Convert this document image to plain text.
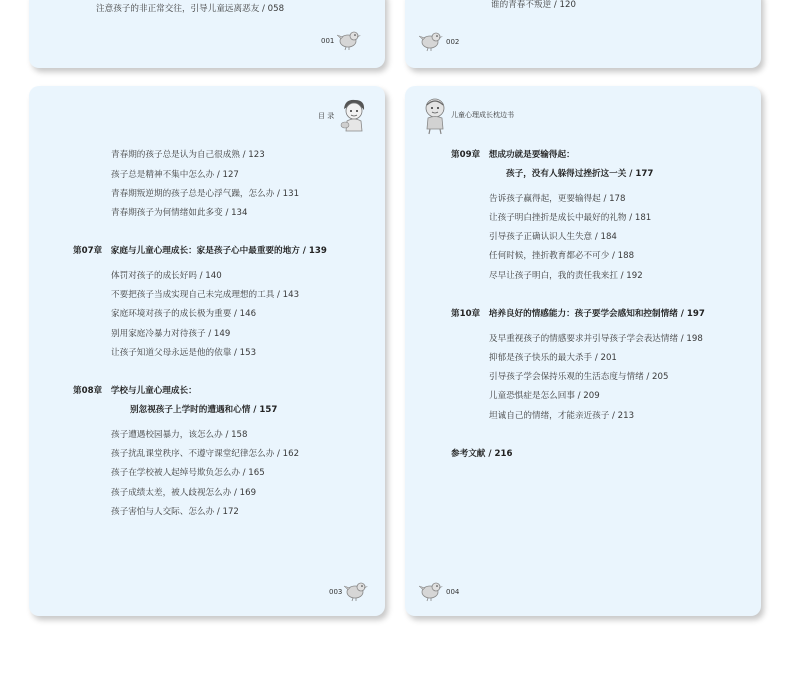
注意孩子的非正常交往，引导儿童远离恶友 / 058
001
谁的青春不叛逆 / 120
002
目 录
青春期的孩子总是认为自己很成熟 / 123
孩子总是精神不集中怎么办 / 127
青春期叛逆期的孩子总是心浮气躁，怎么办 / 131
青春期孩子为何情绪如此多变 / 134
第07章　家庭与儿童心理成长：家是孩子心中最重要的地方 / 139
体罚对孩子的成长好吗 / 140
不要把孩子当成实现自己未完成理想的工具 / 143
家庭环境对孩子的成长极为重要 / 146
别用家庭冷暴力对待孩子 / 149
让孩子知道父母永远是他的依靠 / 153
第08章　学校与儿童心理成长：
别忽视孩子上学时的遭遇和心情 / 157
孩子遭遇校园暴力，该怎么办 / 158
孩子扰乱课堂秩序、不遵守课堂纪律怎么办 / 162
孩子在学校被人起绰号欺负怎么办 / 165
孩子成绩太差，被人歧视怎么办 / 169
孩子害怕与人交际、怎么办 / 172
003
儿童心理成长枕边书
第09章　想成功就是要输得起：
孩子，没有人躲得过挫折这一关 / 177
告诉孩子赢得起，更要输得起 / 178
让孩子明白挫折是成长中最好的礼物 / 181
引导孩子正确认识人生失意 / 184
任何时候，挫折教育都必不可少 / 188
尽早让孩子明白，我的责任我来扛 / 192
第10章　培养良好的情感能力：孩子要学会感知和控制情绪 / 197
及早重视孩子的情感要求并引导孩子学会表达情绪 / 198
抑郁是孩子快乐的最大杀手 / 201
引导孩子学会保持乐观的生活态度与情绪 / 205
儿童恐惧症是怎么回事 / 209
坦诚自己的情绪，才能亲近孩子 / 213
参考文献 / 216
004
